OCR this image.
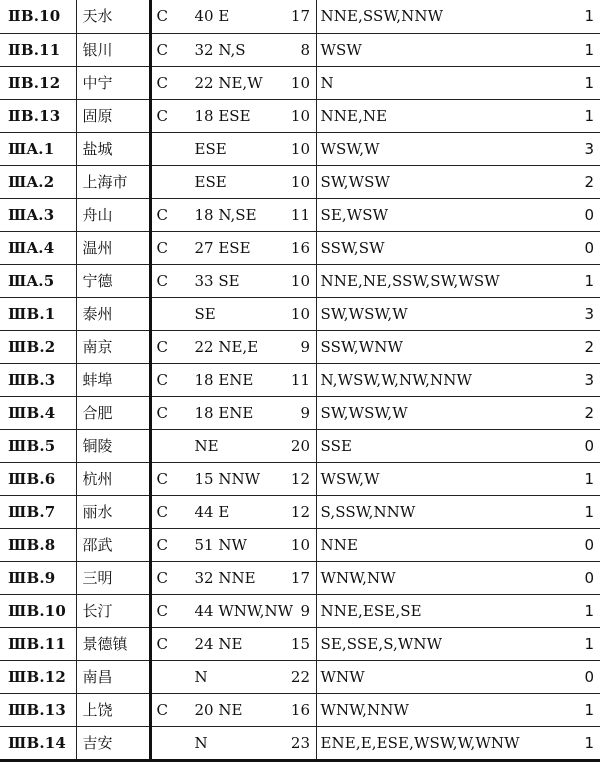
ⅡB.10	天水	C 40 E 17		NNE,SSW,NNW	1
ⅡB.11	银川	C 32 N,S 8		WSW	1
ⅡB.12	中宁	C 22 NE,W 10		N	1
ⅡB.13	固原	C 18 ESE 10		NNE,NE	1
ⅢA.1	盐城	ESE 10		WSW,W	3
ⅢA.2	上海市	ESE 10		SW,WSW	2
ⅢA.3	舟山	C 18 N,SE 11		SE,WSW	0
ⅢA.4	温州	C 27 ESE 16		SSW,SW	0
ⅢA.5	宁德	C 33 SE 10		NNE,NE,SSW,SW,WSW	1
ⅢB.1	泰州	SE 10		SW,WSW,W	3
ⅢB.2	南京	C 22 NE,E 9		SSW,WNW	2
ⅢB.3	蚌埠	C 18 ENE 11		N,WSW,W,NW,NNW	3
ⅢB.4	合肥	C 18 ENE 9		SW,WSW,W	2
ⅢB.5	铜陵	NE 20		SSE	0
ⅢB.6	杭州	C 15 NNW 12		WSW,W	1
ⅢB.7	丽水	C 44 E 12		S,SSW,NNW	1
ⅢB.8	邵武	C 51 NW 10		NNE	0
ⅢB.9	三明	C 32 NNE 17		WNW,NW	0
ⅢB.10	长汀	C 44 WNW,NW 9		NNE,ESE,SE	1
ⅢB.11	景德镇	C 24 NE 15		SE,SSE,S,WNW	1
ⅢB.12	南昌	N 22		WNW	0
ⅢB.13	上饶	C 20 NE 16		WNW,NNW	1
ⅢB.14	吉安	N 23		ENE,E,ESE,WSW,W,WNW	1
